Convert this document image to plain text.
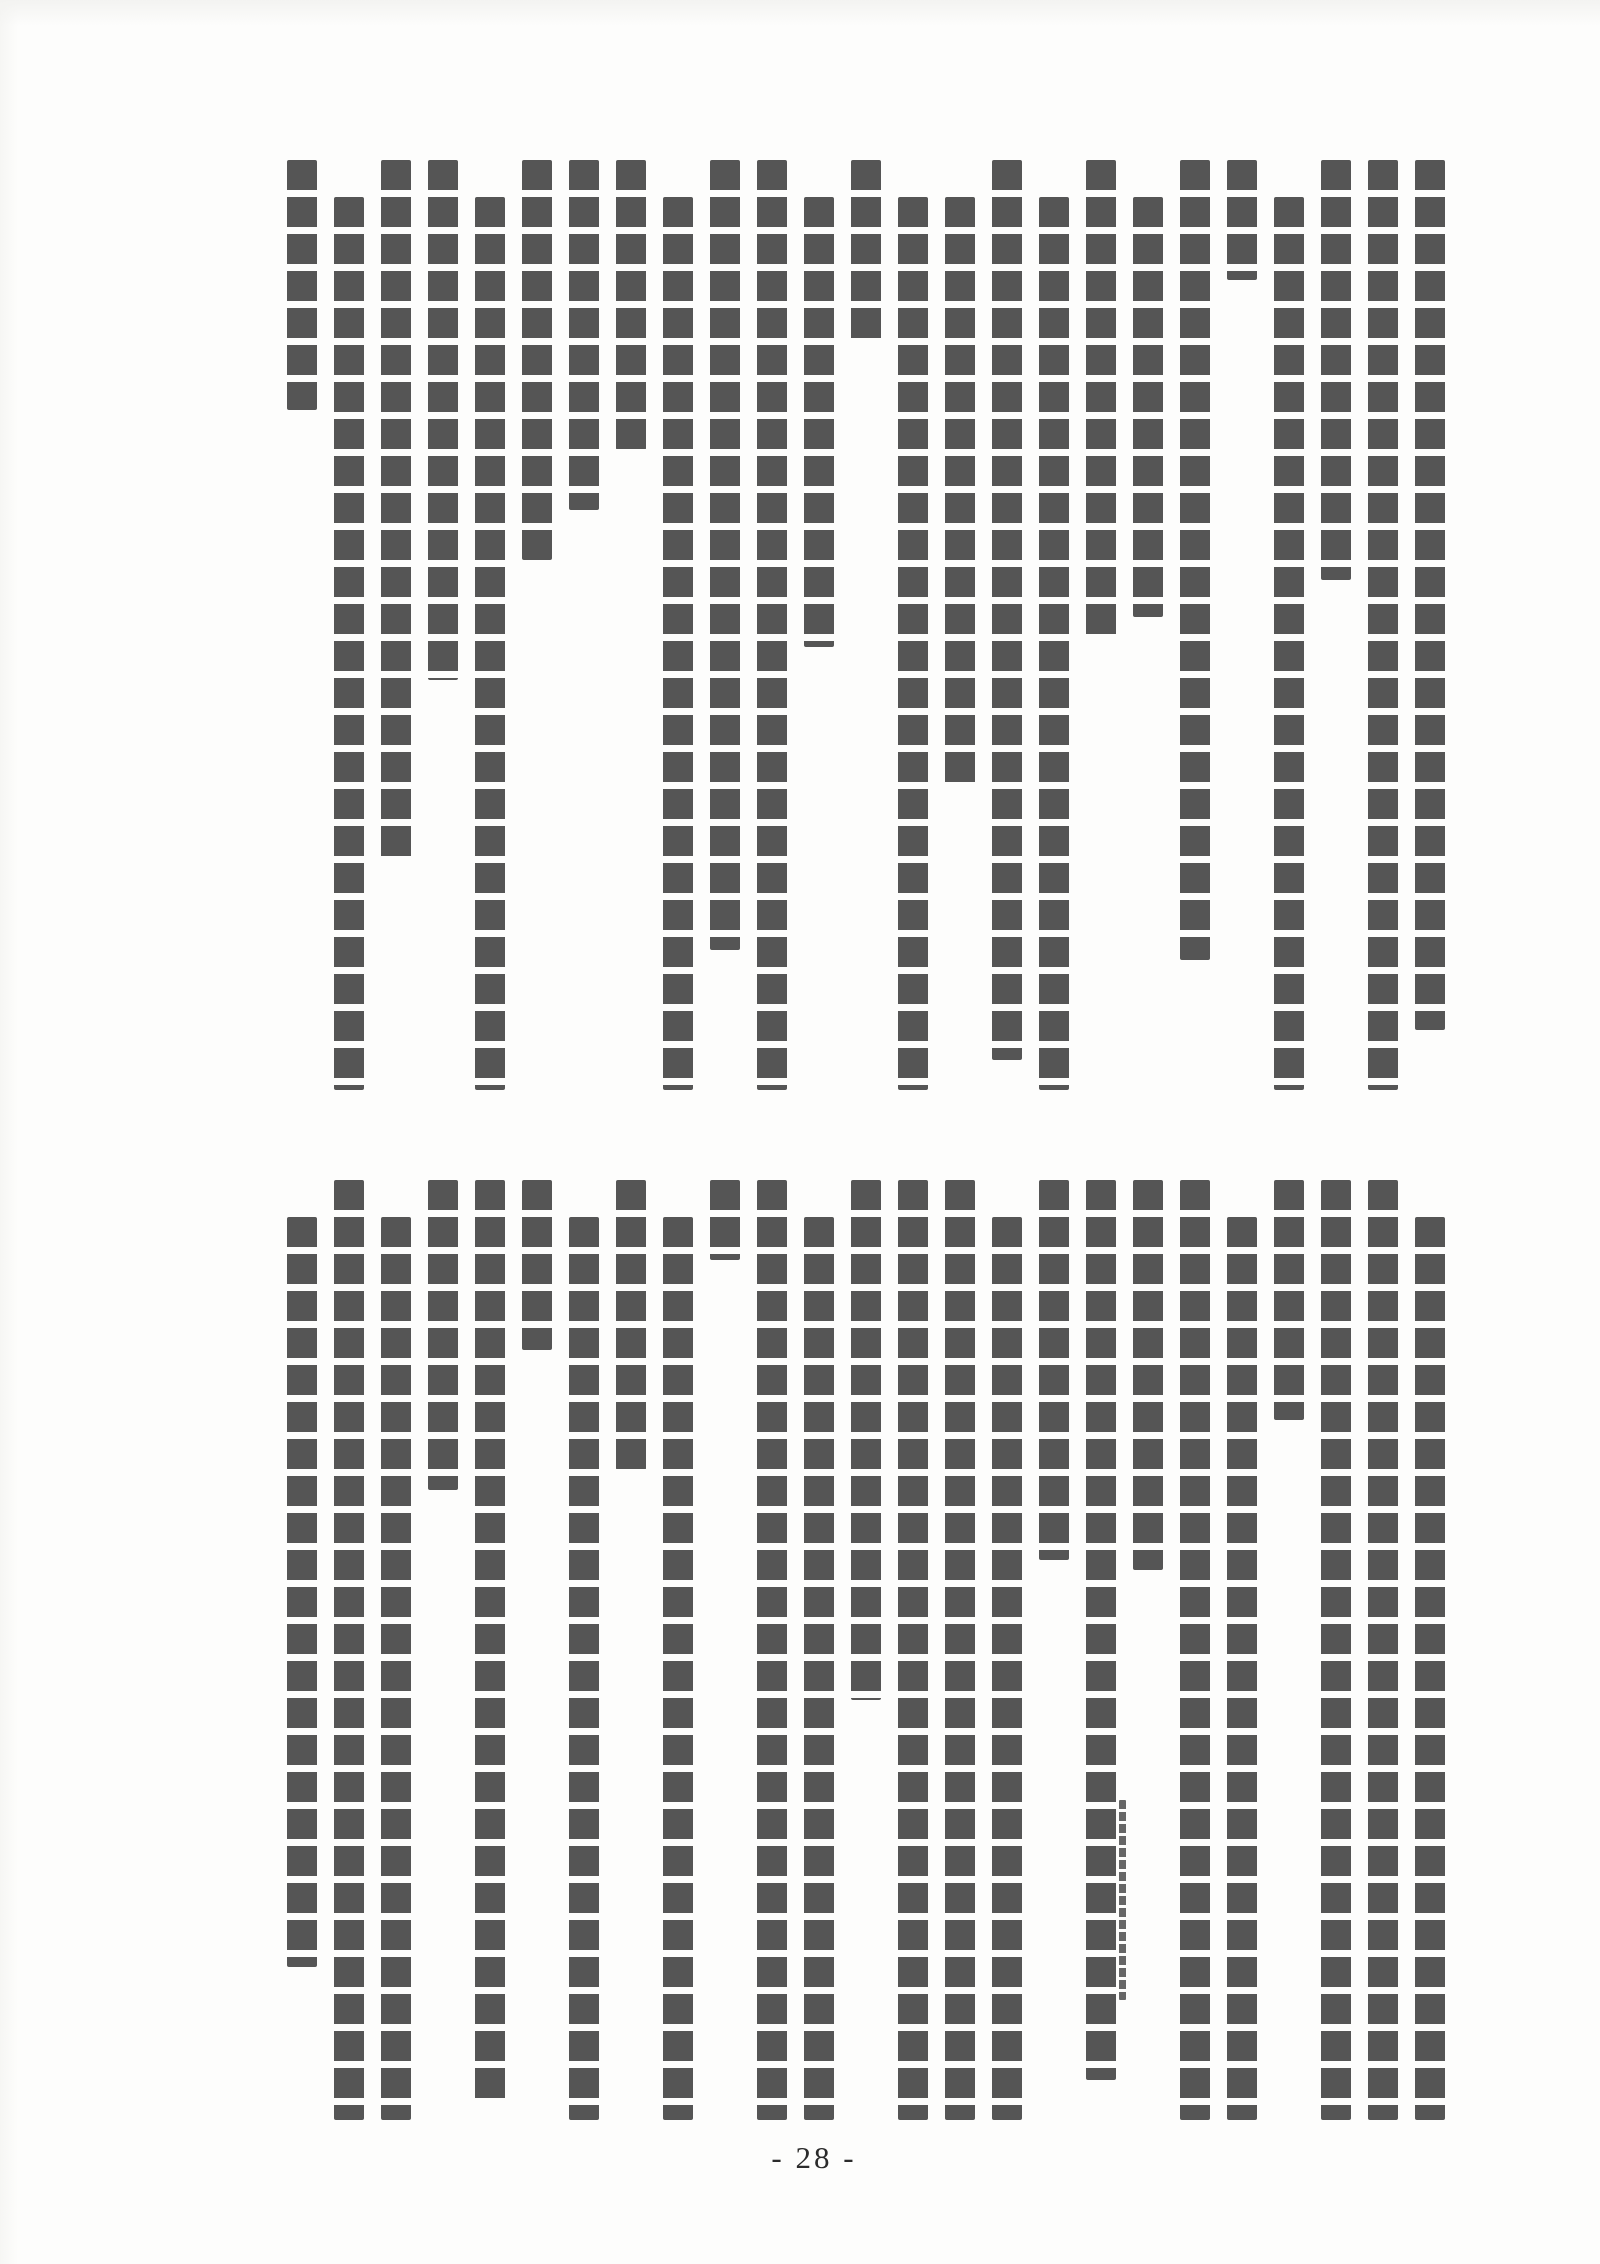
- 28 -
